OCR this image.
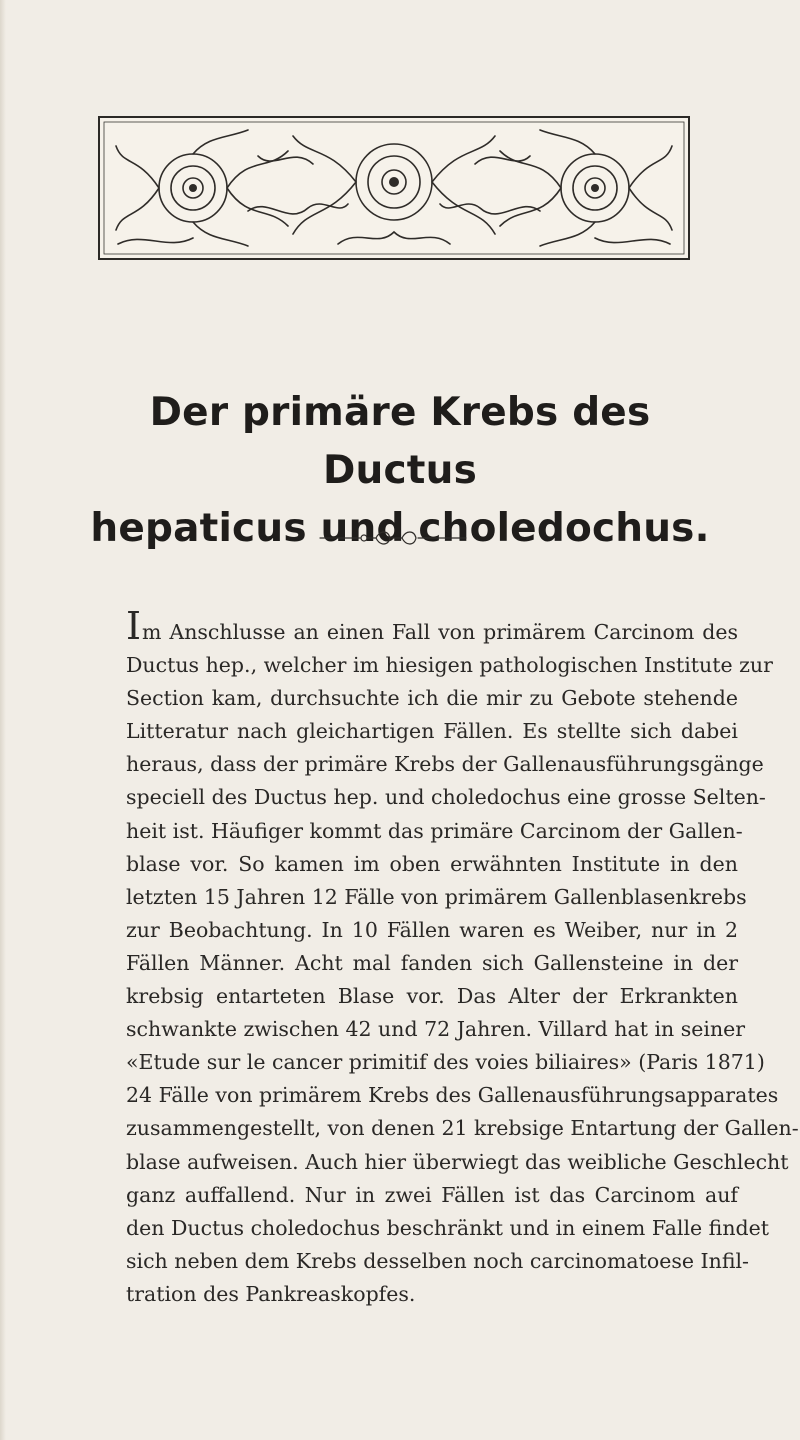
Der primäre Krebs des Ductus
hepaticus und choledochus.
Im Anschlusse an einen Fall von primärem Carcinom des
Ductus hep., welcher im hiesigen pathologischen Institute zur
Section kam, durchsuchte ich die mir zu Gebote stehende
Litteratur nach gleichartigen Fällen. Es stellte sich dabei
heraus, dass der primäre Krebs der Gallenausführungsgänge
speciell des Ductus hep. und choledochus eine grosse Selten-
heit ist. Häufiger kommt das primäre Carcinom der Gallen-
blase vor. So kamen im oben erwähnten Institute in den
letzten 15 Jahren 12 Fälle von primärem Gallenblasenkrebs
zur Beobachtung. In 10 Fällen waren es Weiber, nur in 2
Fällen Männer. Acht mal fanden sich Gallensteine in der
krebsig entarteten Blase vor. Das Alter der Erkrankten
schwankte zwischen 42 und 72 Jahren. Villard hat in seiner
«Etude sur le cancer primitif des voies biliaires» (Paris 1871)
24 Fälle von primärem Krebs des Gallenausführungsapparates
zusammengestellt, von denen 21 krebsige Entartung der Gallen-
blase aufweisen. Auch hier überwiegt das weibliche Geschlecht
ganz auffallend. Nur in zwei Fällen ist das Carcinom auf
den Ductus choledochus beschränkt und in einem Falle findet
sich neben dem Krebs desselben noch carcinomatoese Infil-
tration des Pankreaskopfes.
